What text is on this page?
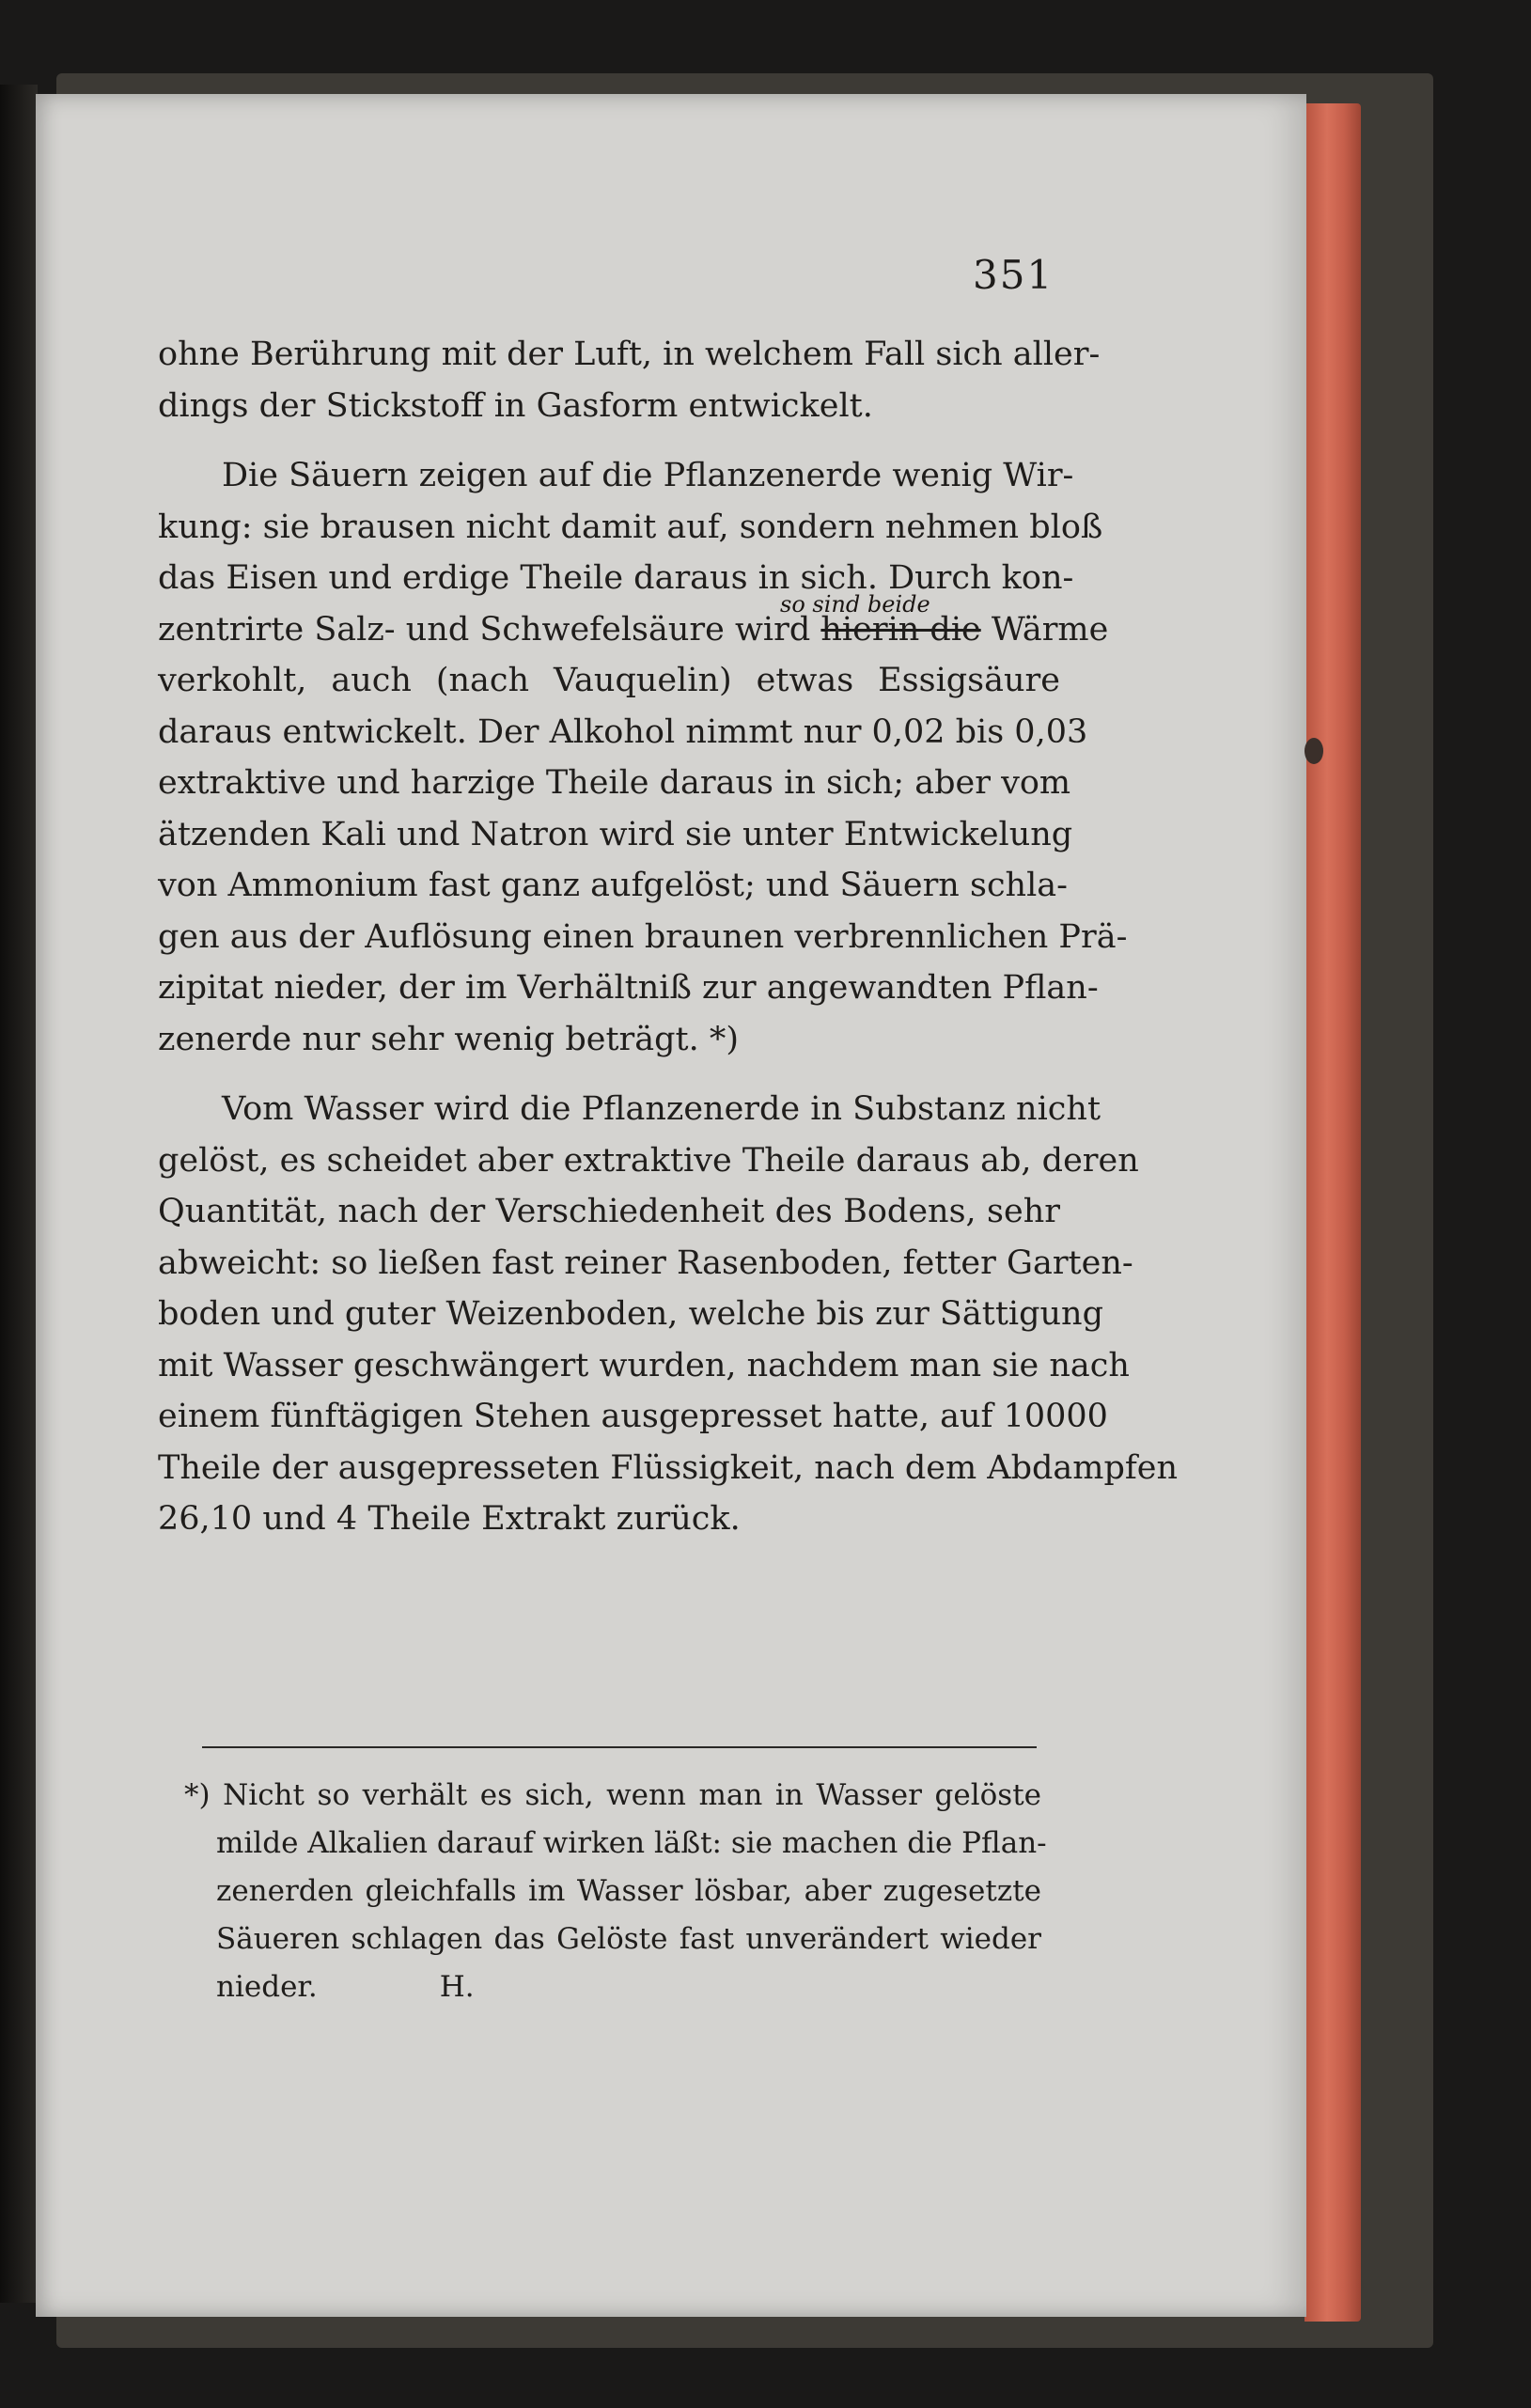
351
ohne Berührung mit der Luft, in welchem Fall sich aller-
dings der Stickstoff in Gasform entwickelt.
Die Säuern zeigen auf die Pflanzenerde wenig Wir-
kung: sie brausen nicht damit auf, sondern nehmen bloß
das Eisen und erdige Theile daraus in sich. Durch kon-
zentrirte Salz- und Schwefelsäure wird hierin die Wärme
verkohlt, auch (nach Vauquelin) etwas Essigsäure
daraus entwickelt. Der Alkohol nimmt nur 0,02 bis 0,03
extraktive und harzige Theile daraus in sich; aber vom
ätzenden Kali und Natron wird sie unter Entwickelung
von Ammonium fast ganz aufgelöst; und Säuern schla-
gen aus der Auflösung einen braunen verbrennlichen Prä-
zipitat nieder, der im Verhältniß zur angewandten Pflan-
zenerde nur sehr wenig beträgt. *)
Vom Wasser wird die Pflanzenerde in Substanz nicht
gelöst, es scheidet aber extraktive Theile daraus ab, deren
Quantität, nach der Verschiedenheit des Bodens, sehr
abweicht: so ließen fast reiner Rasenboden, fetter Garten-
boden und guter Weizenboden, welche bis zur Sättigung
mit Wasser geschwängert wurden, nachdem man sie nach
einem fünftägigen Stehen ausgepresset hatte, auf 10000
Theile der ausgepresseten Flüssigkeit, nach dem Abdampfen
26,10 und 4 Theile Extrakt zurück.
so sind beide
*) Nicht so verhält es sich, wenn man in Wasser gelöste
milde Alkalien darauf wirken läßt: sie machen die Pflan-
zenerden gleichfalls im Wasser lösbar, aber zugesetzte
Säueren schlagen das Gelöste fast unverändert wieder
nieder.	H.
